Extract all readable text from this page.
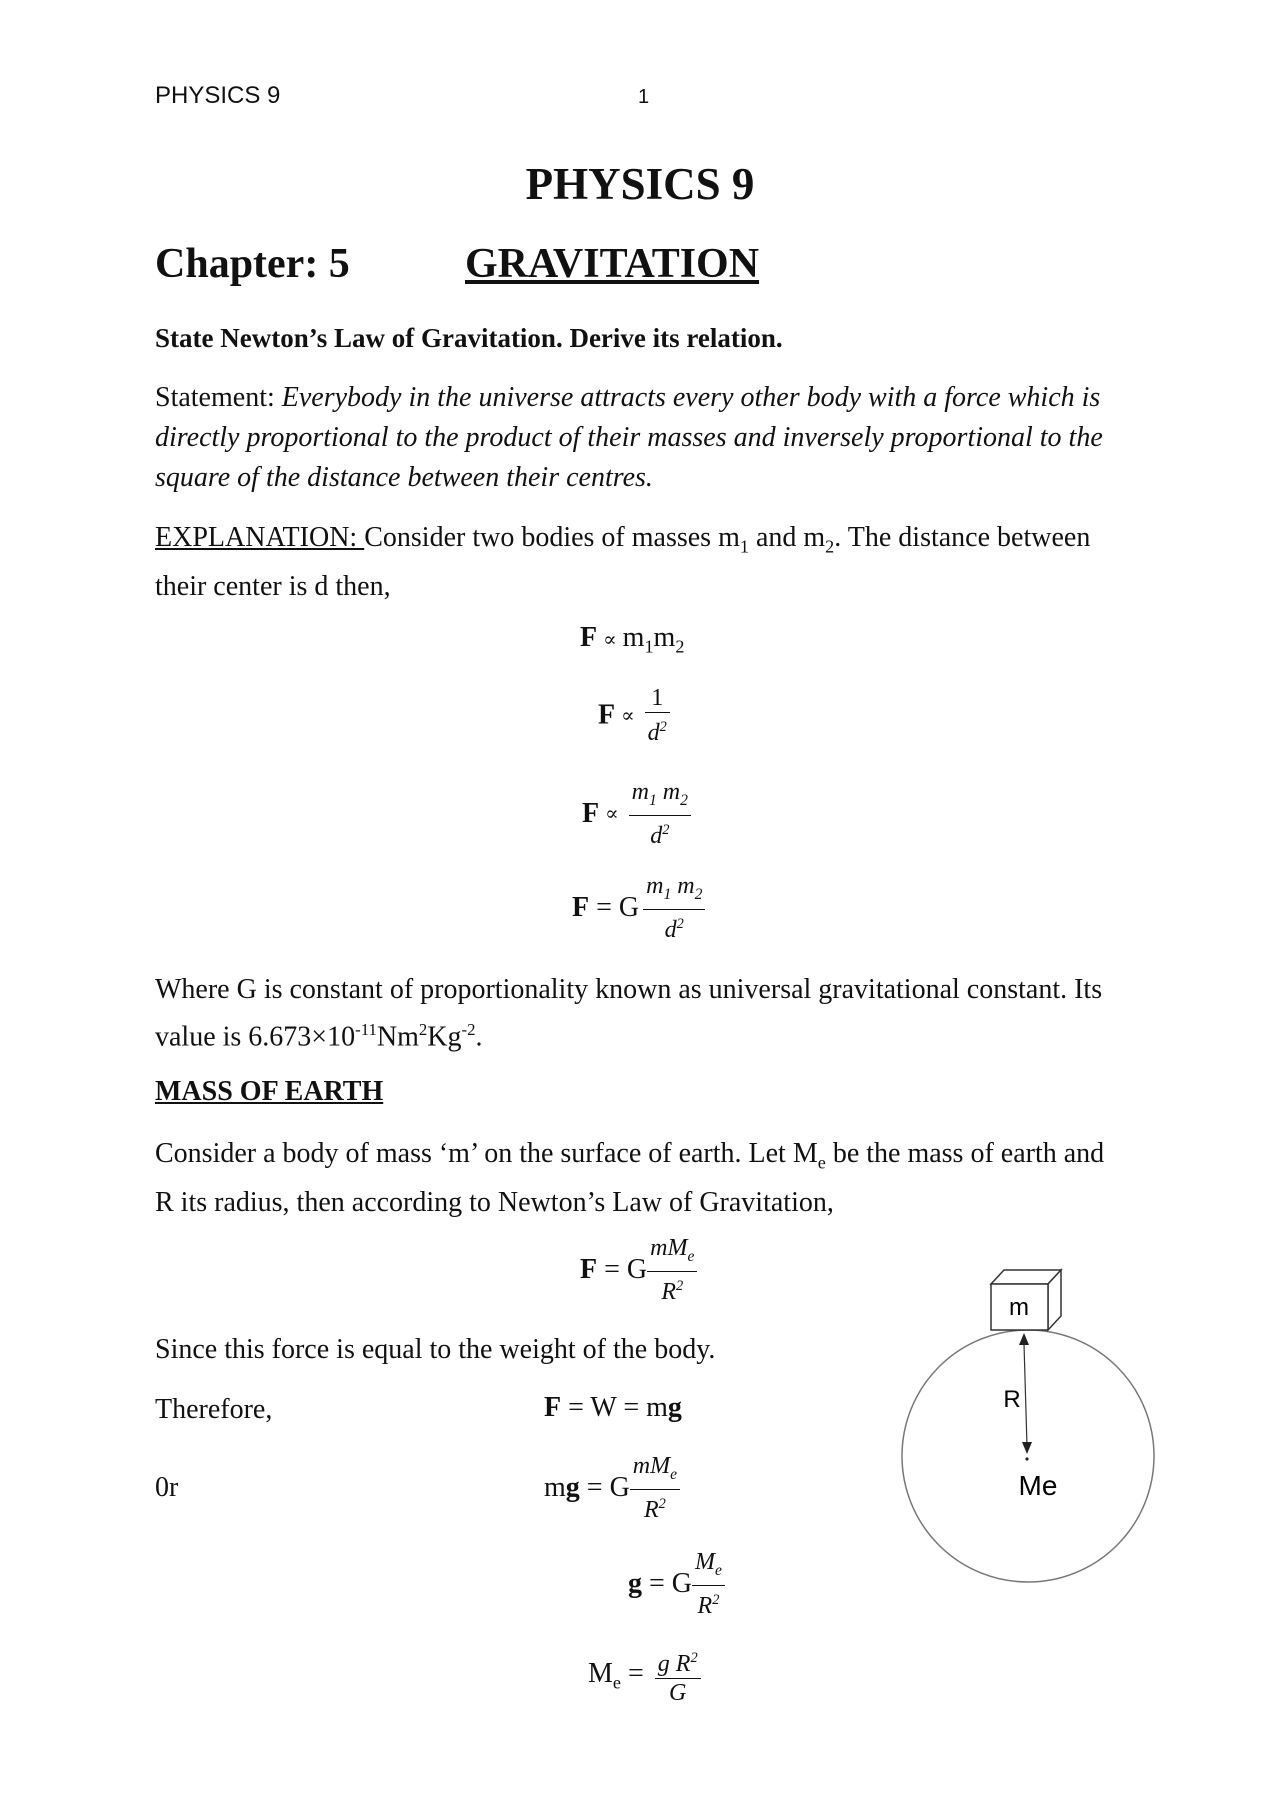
PHYSICS 9	1
PHYSICS 9
Chapter: 5	GRAVITATION
State Newton’s Law of Gravitation. Derive its relation.
Statement: Everybody in the universe attracts every other body with a force which is directly proportional to the product of their masses and inversely proportional to the square of the distance between their centres.
EXPLANATION: Consider two bodies of masses $m_1$ and $m_2$. The distance between their center is d then,
$F \propto m_1m_2$
$F \propto \frac{1}{d^2}$
$F \propto \frac{m_1 m_2}{d^2}$
F = G $\frac{m_1 m_2}{d^2}$
Where G is constant of proportionality known as universal gravitational constant. Its value is $6.673\times 10^{-11}Nm^2Kg^{-2}$.
MASS OF EARTH
Consider a body of mass ‘m’ on the surface of earth. Let $M_e$ be the mass of earth and R its radius, then according to Newton’s Law of Gravitation,
F = G $\frac{mM_e}{R^2}$
Since this force is equal to the weight of the body.
Therefore,	F = W = mg
0r	mg = G $\frac{mM_e}{R^2}$
g = G $\frac{M_e}{R^2}$
$M_e = \frac{g R^2}{G}$
m
R
Me
